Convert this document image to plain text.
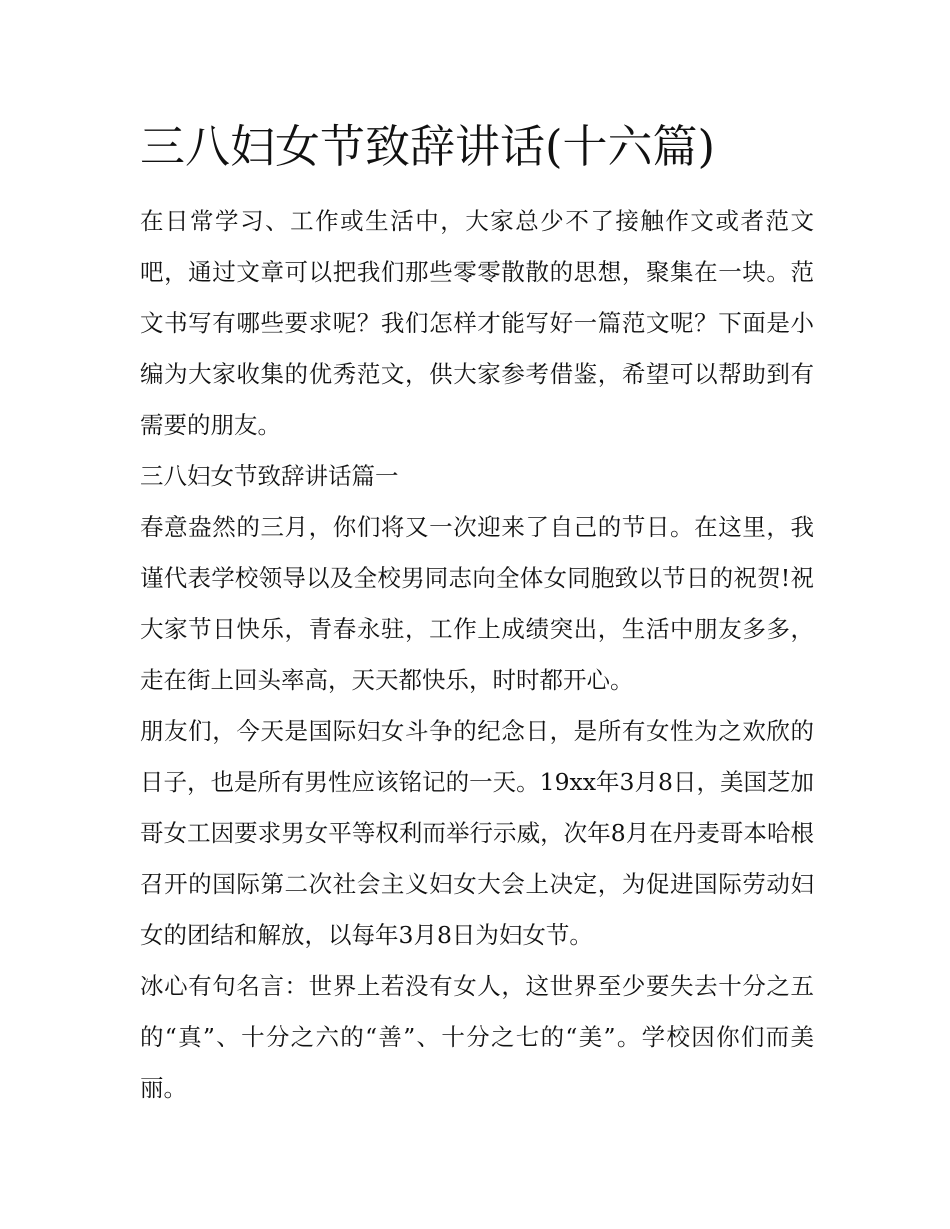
三八妇女节致辞讲话(十六篇)

在日常学习、工作或生活中，大家总少不了接触作文或者范文吧，通过文章可以把我们那些零零散散的思想，聚集在一块。范文书写有哪些要求呢？我们怎样才能写好一篇范文呢？下面是小编为大家收集的优秀范文，供大家参考借鉴，希望可以帮助到有需要的朋友。

三八妇女节致辞讲话篇一

春意盎然的三月，你们将又一次迎来了自己的节日。在这里，我谨代表学校领导以及全校男同志向全体女同胞致以节日的祝贺!祝大家节日快乐，青春永驻，工作上成绩突出，生活中朋友多多，走在街上回头率高，天天都快乐，时时都开心。

朋友们，今天是国际妇女斗争的纪念日，是所有女性为之欢欣的日子，也是所有男性应该铭记的一天。19xx年3月8日，美国芝加哥女工因要求男女平等权利而举行示威，次年8月在丹麦哥本哈根召开的国际第二次社会主义妇女大会上决定，为促进国际劳动妇女的团结和解放，以每年3月8日为妇女节。

冰心有句名言：世界上若没有女人，这世界至少要失去十分之五的“真”、十分之六的“善”、十分之七的“美”。学校因你们而美丽。
